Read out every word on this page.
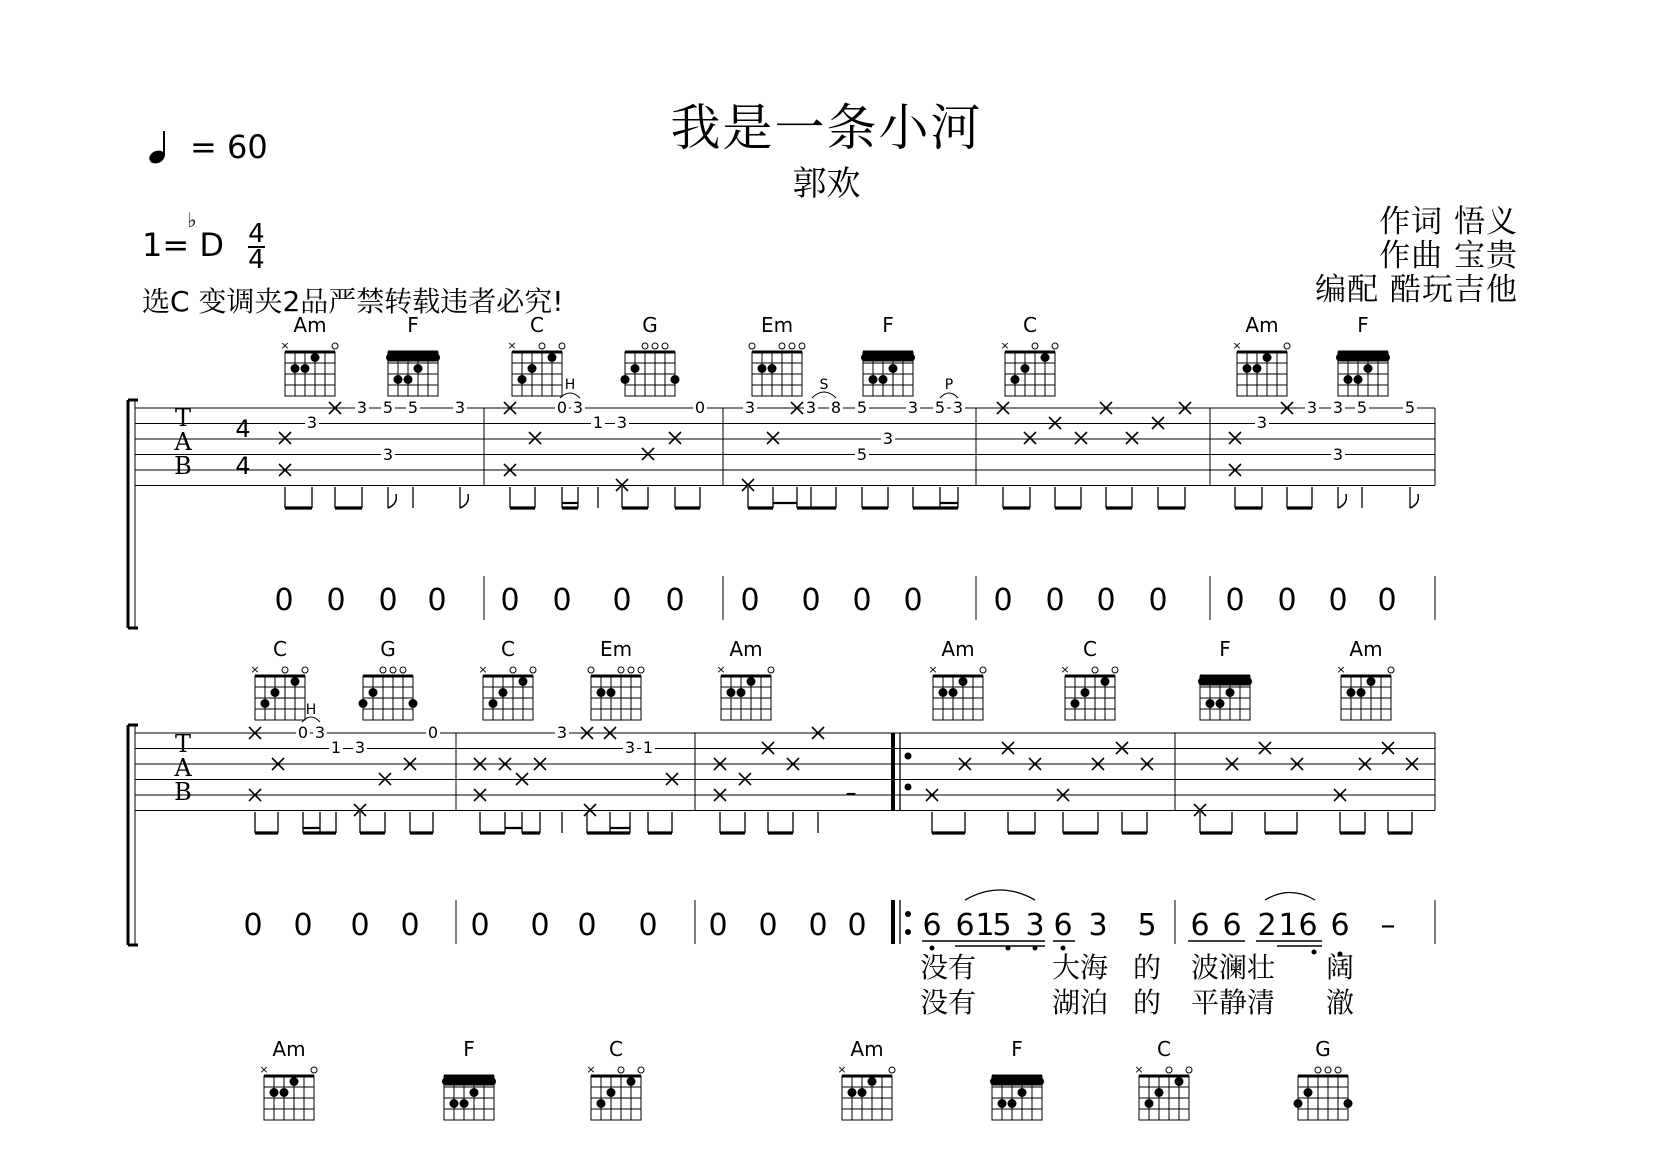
我是一条小河
郭欢
= 60
1=
♭
D $\frac{4}{4}$
选C 变调夹2品严禁转载违者必究!
作词 悟义
作曲 宝贵
编配 酷玩吉他
T
A
B
4
4
Am
×
F	C
×
G	Em	F	C
×
Am
×
F
3
3 5 5 3
3
0 3
1 3
0 3	3 8 5
3
5
3 5 3
3
3 3 5 5
3
H	S	P
0 0 0 0 0 0 0 0 0 0 0 0 0 0 0 0 0 0 0 0
T
A
B
C
×
G	C
×
Em	Am
×
Am
×
C
×
F	Am
×
0 3
1 3
0	3
3 1
H
–
0 0 0 0 0 0 0 0 0 0 0 0 6 6 1
5 3 6 3 5 6 6 2 1 6 6 –
没有	大海 的 波澜壮 阔
没有	湖泊 的 平静清 澈
Am
×
F	C
×
Am
×
F	C
×
G
